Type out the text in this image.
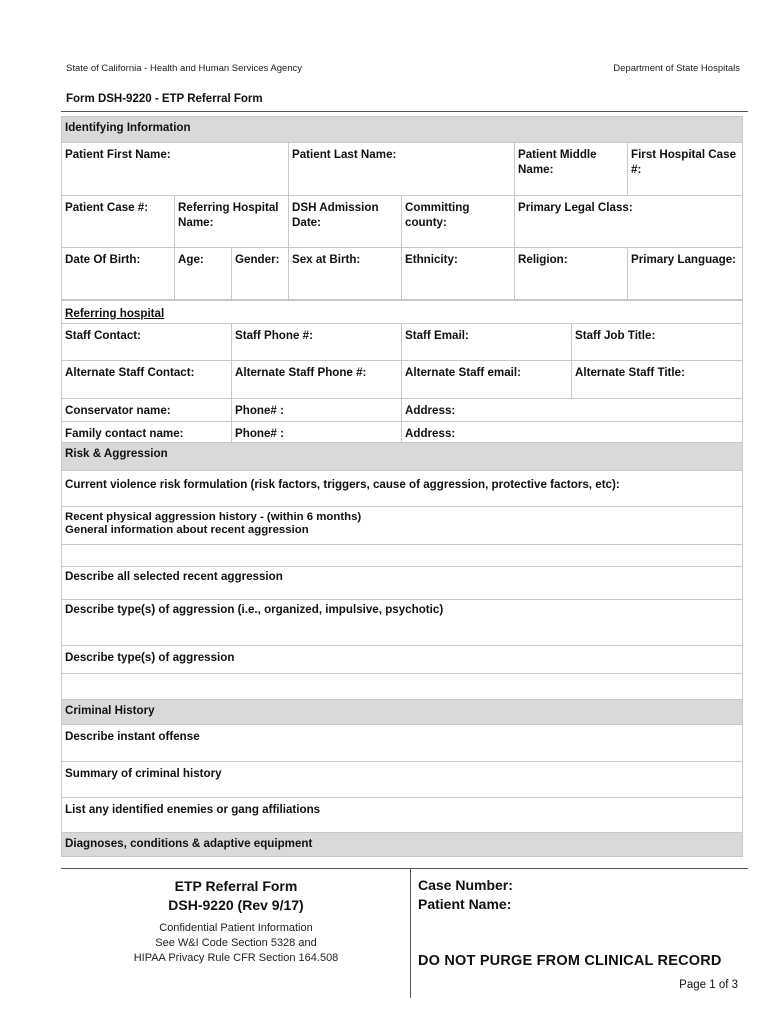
State of California - Health and Human Services Agency	Department of State Hospitals
Form DSH-9220 - ETP Referral Form
Identifying Information						
Patient First Name:			Patient Last Name:		Patient Middle Name:	First Hospital Case #:
Patient Case #:	Referring Hospital Name:		DSH Admission Date:	Committing county:	Primary Legal Class:	
Date Of Birth:	Age:	Gender:	Sex at Birth:	Ethnicity:	Religion:	Primary Language:
Referring hospital			
Staff Contact:	Staff Phone #:	Staff Email:	Staff Job Title:
Alternate Staff Contact:	Alternate Staff Phone #:	Alternate Staff email:	Alternate Staff Title:
Conservator name:	Phone# :	Address:	
Family contact name:	Phone# :	Address:	
Risk & Aggression
Current violence risk formulation (risk factors, triggers, cause of aggression, protective factors, etc):

Recent physical aggression history - (within 6 months)
General information about recent aggression

Describe all selected recent aggression
Describe type(s) of aggression (i.e., organized, impulsive, psychotic)
Describe type(s) of aggression

Criminal History
Describe instant offense
Summary of criminal history
List any identified enemies or gang affiliations
Diagnoses, conditions & adaptive equipment
ETP Referral Form
DSH-9220 (Rev 9/17)
Confidential Patient Information
See W&I Code Section 5328 and
HIPAA Privacy Rule CFR Section 164.508
Case Number:
Patient Name:
DO NOT PURGE FROM CLINICAL RECORD
Page 1 of 3
